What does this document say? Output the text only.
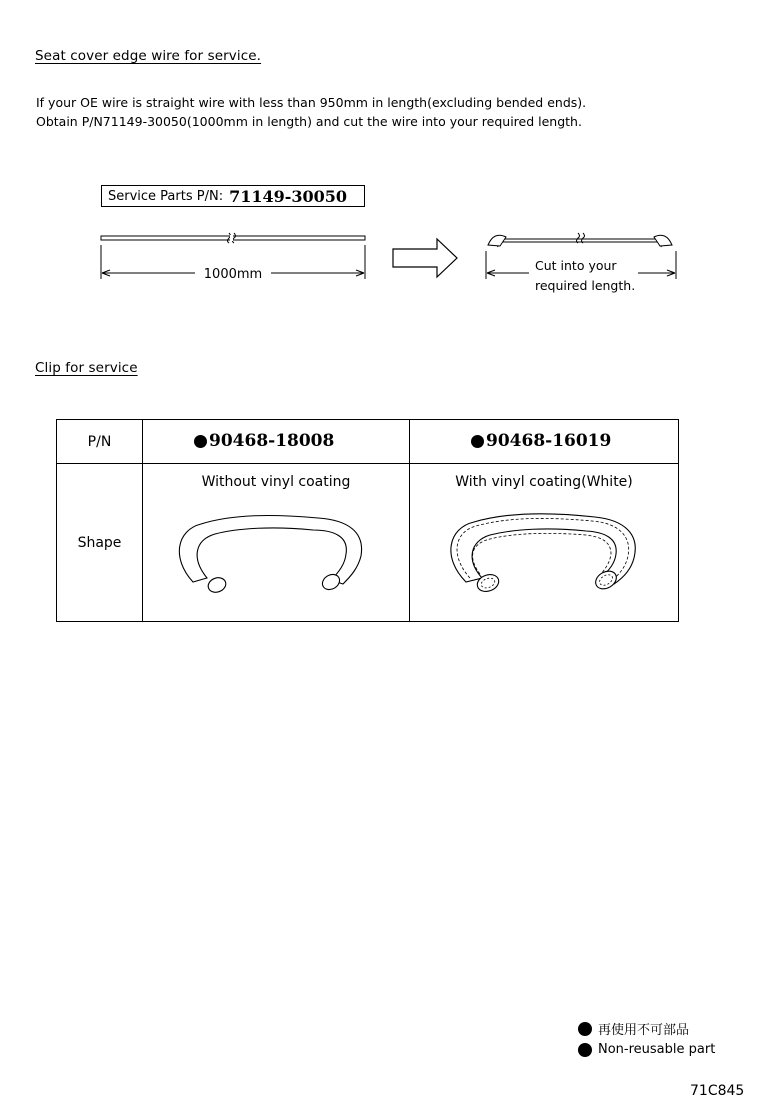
Seat cover edge wire for service.
If your OE wire is straight wire with less than 950mm in length(excluding bended ends).
Obtain P/N71149-30050(1000mm in length) and cut the wire into your required length.
Service Parts P/N: 71149-30050
1000mm
Cut into your
required length.
Clip for service
P/N	90468-18008	90468-16019

Shape	Without vinyl coating	With vinyl coating(White)
再使用不可部品
Non-reusable part
71C845
